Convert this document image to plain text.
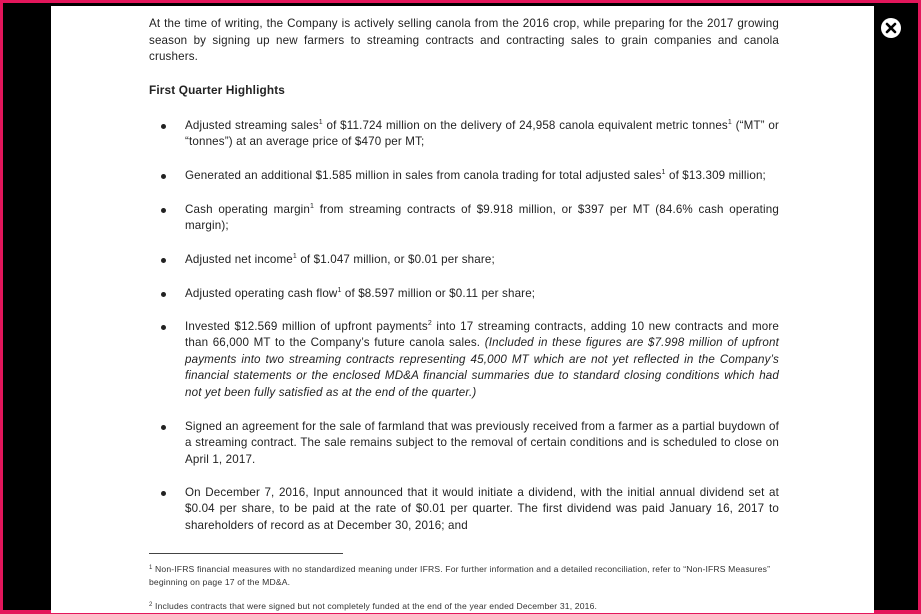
At the time of writing, the Company is actively selling canola from the 2016 crop, while preparing for the 2017 growing season by signing up new farmers to streaming contracts and contracting sales to grain companies and canola crushers.

First Quarter Highlights

Adjusted streaming sales$^1$ of $11.724 million on the delivery of 24,958 canola equivalent metric tonnes$^1$ (“MT” or “tonnes”) at an average price of $470 per MT;

Generated an additional $1.585 million in sales from canola trading for total adjusted sales$^1$ of $13.309 million;

Cash operating margin$^1$ from streaming contracts of $9.918 million, or $397 per MT (84.6% cash operating margin);

Adjusted net income$^1$ of $1.047 million, or $0.01 per share;

Adjusted operating cash flow$^1$ of $8.597 million or $0.11 per share;

Invested $12.569 million of upfront payments$^2$ into 17 streaming contracts, adding 10 new contracts and more than 66,000 MT to the Company’s future canola sales. (Included in these figures are $7.998 million of upfront payments into two streaming contracts representing 45,000 MT which are not yet reflected in the Company’s financial statements or the enclosed MD&A financial summaries due to standard closing conditions which had not yet been fully satisfied as at the end of the quarter.)

Signed an agreement for the sale of farmland that was previously received from a farmer as a partial buydown of a streaming contract. The sale remains subject to the removal of certain conditions and is scheduled to close on April 1, 2017.

On December 7, 2016, Input announced that it would initiate a dividend, with the initial annual dividend set at $0.04 per share, to be paid at the rate of $0.01 per quarter. The first dividend was paid January 16, 2017 to shareholders of record as at December 30, 2016; and

$^1$ Non-IFRS financial measures with no standardized meaning under IFRS. For further information and a detailed reconciliation, refer to “Non-IFRS Measures” beginning on page 17 of the MD&A.

$^2$ Includes contracts that were signed but not completely funded at the end of the year ended December 31, 2016.
